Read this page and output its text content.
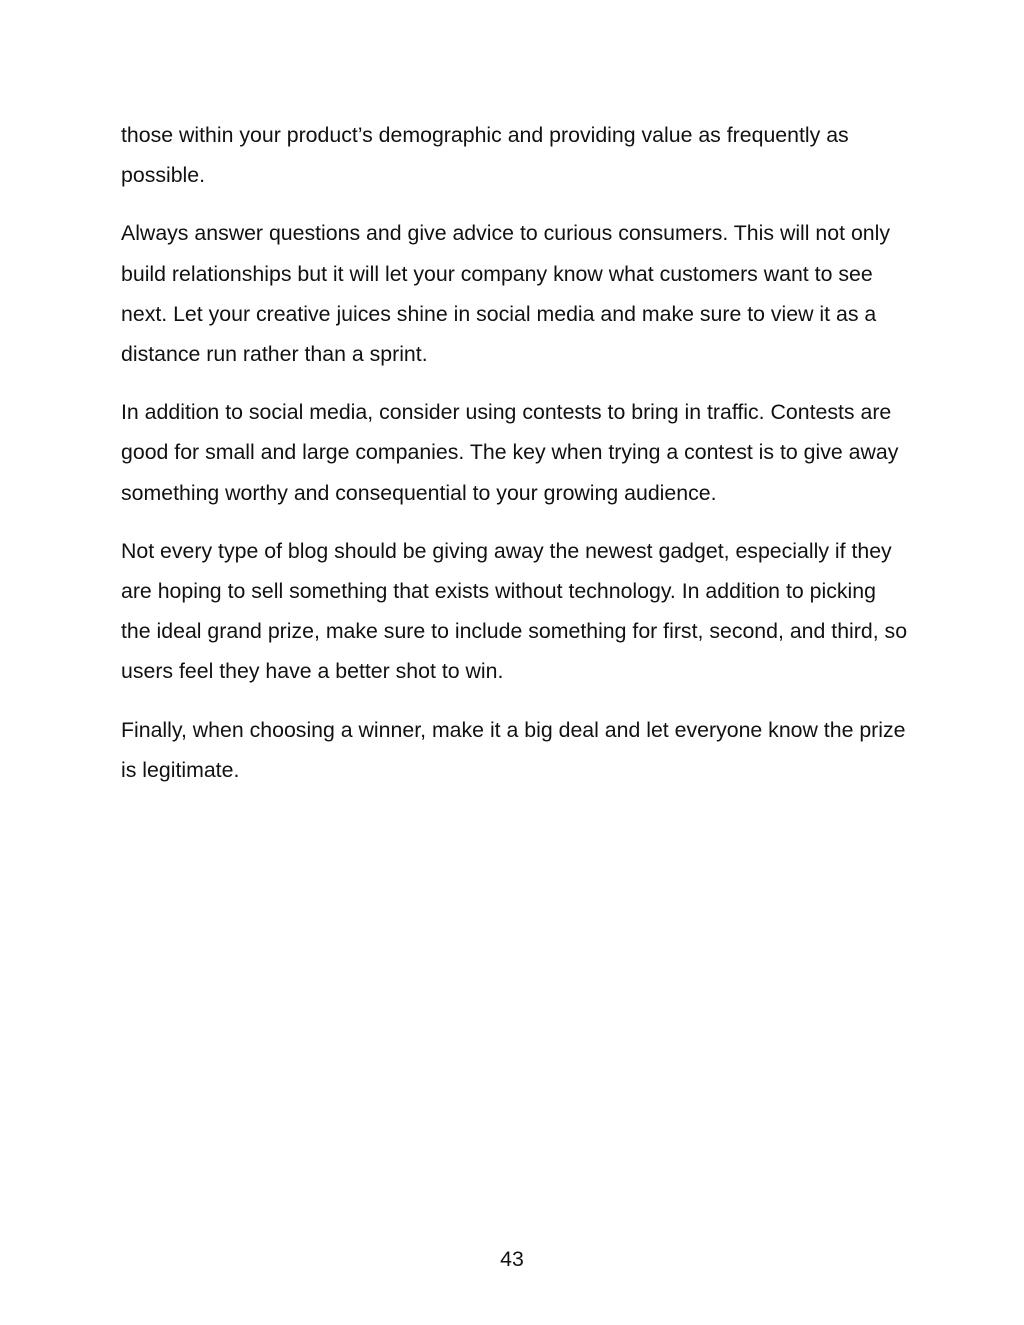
those within your product’s demographic and providing value as frequently as possible.

Always answer questions and give advice to curious consumers. This will not only build relationships but it will let your company know what customers want to see next. Let your creative juices shine in social media and make sure to view it as a distance run rather than a sprint.

In addition to social media, consider using contests to bring in traffic. Contests are good for small and large companies. The key when trying a contest is to give away something worthy and consequential to your growing audience.

Not every type of blog should be giving away the newest gadget, especially if they are hoping to sell something that exists without technology. In addition to picking the ideal grand prize, make sure to include something for first, second, and third, so users feel they have a better shot to win.

Finally, when choosing a winner, make it a big deal and let everyone know the prize is legitimate.

43
